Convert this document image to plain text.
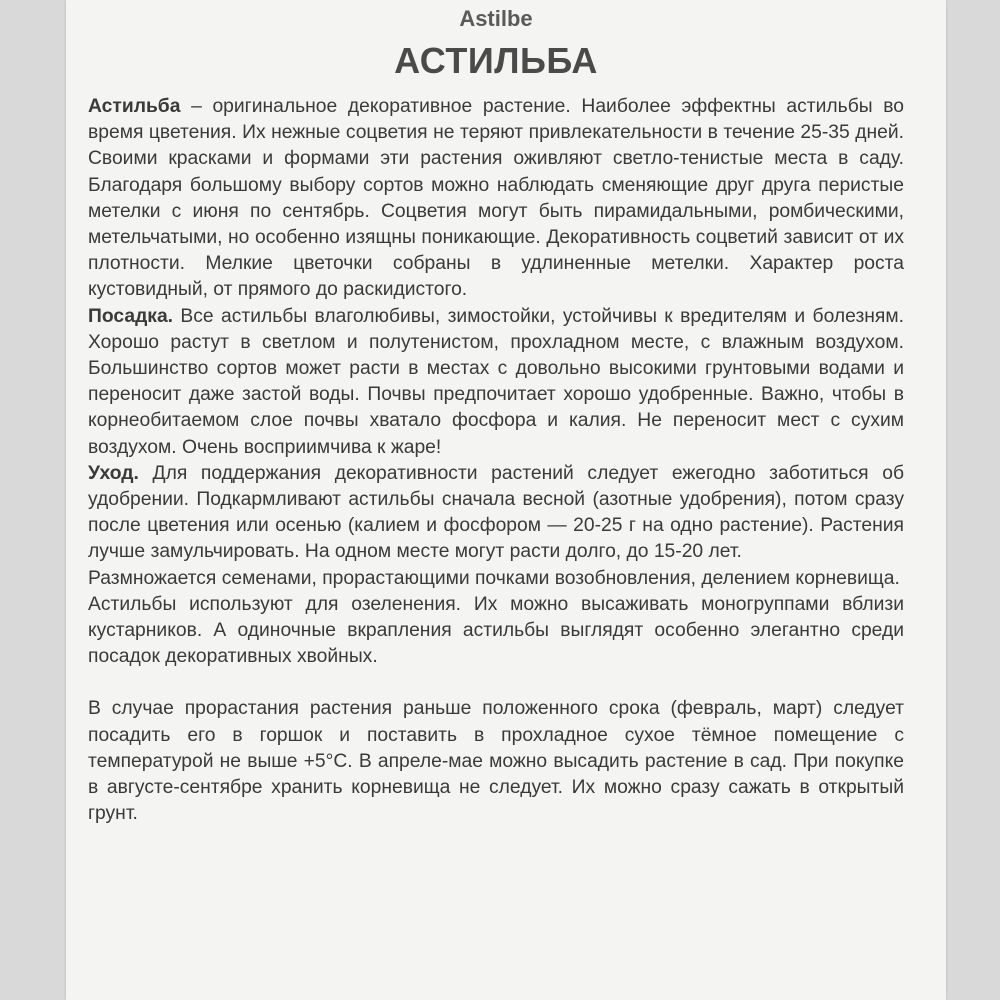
Astilbe

АСТИЛЬБА

Астильба – оригинальное декоративное растение. Наиболее эффектны астильбы во время цветения. Их нежные соцветия не теряют привлекательности в течение 25-35 дней. Своими красками и формами эти растения оживляют светло-тенистые места в саду. Благодаря большому выбору сортов можно наблюдать сменяющие друг друга перистые метелки с июня по сентябрь. Соцветия могут быть пирамидальными, ромбическими, метельчатыми, но особенно изящны поникающие. Декоративность соцветий зависит от их плотности. Мелкие цветочки собраны в удлиненные метелки. Характер роста кустовидный, от прямого до раскидистого.

Посадка. Все астильбы влаголюбивы, зимостойки, устойчивы к вредителям и болезням. Хорошо растут в светлом и полутенистом, прохладном месте, с влажным воздухом. Большинство сортов может расти в местах с довольно высокими грунтовыми водами и переносит даже застой воды. Почвы предпочитает хорошо удобренные. Важно, чтобы в корнеобитаемом слое почвы хватало фосфора и калия. Не переносит мест с сухим воздухом. Очень восприимчива к жаре!

Уход. Для поддержания декоративности растений следует ежегодно заботиться об удобрении. Подкармливают астильбы сначала весной (азотные удобрения), потом сразу после цветения или осенью (калием и фосфором — 20-25 г на одно растение). Растения лучше замульчировать. На одном месте могут расти долго, до 15-20 лет.

Размножается семенами, прорастающими почками возобновления, делением корневища.

Астильбы используют для озеленения. Их можно высаживать моногруппами вблизи кустарников. А одиночные вкрапления астильбы выглядят особенно элегантно среди посадок декоративных хвойных.

В случае прорастания растения раньше положенного срока (февраль, март) следует посадить его в горшок и поставить в прохладное сухое тёмное помещение с температурой не выше +5°С. В апреле-мае можно высадить растение в сад. При покупке в августе-сентябре хранить корневища не следует. Их можно сразу сажать в открытый грунт.
